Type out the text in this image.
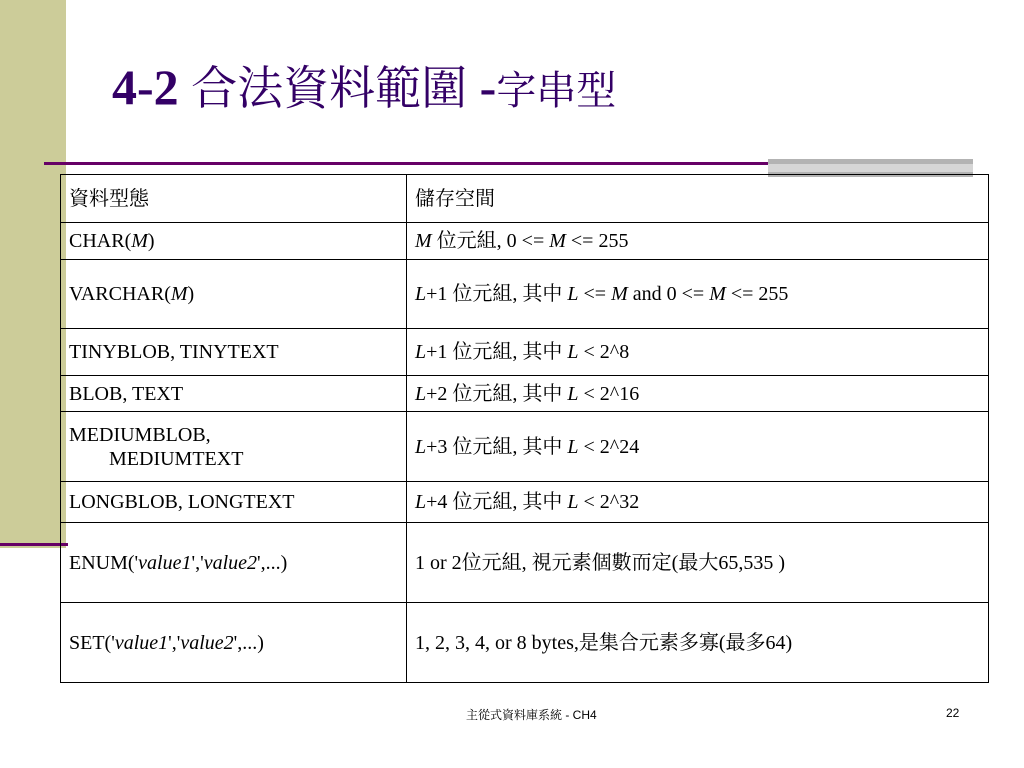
4-2 合法資料範圍 -字串型
資料型態	儲存空間
CHAR(M)	M 位元組, 0 <= M <= 255
VARCHAR(M)	L+1 位元組, 其中 L <= M and 0 <= M <= 255
TINYBLOB, TINYTEXT	L+1 位元組, 其中 L < 2^8
BLOB, TEXT	L+2 位元組, 其中 L < 2^16
MEDIUMBLOB,
MEDIUMTEXT	L+3 位元組, 其中 L < 2^24
LONGBLOB, LONGTEXT	L+4 位元組, 其中 L < 2^32
ENUM('value1','value2',...)	1 or 2位元組, 視元素個數而定(最大65,535 )
SET('value1','value2',...)	1, 2, 3, 4, or 8 bytes,是集合元素多寡(最多64)
主從式資料庫系統 - CH4	22
